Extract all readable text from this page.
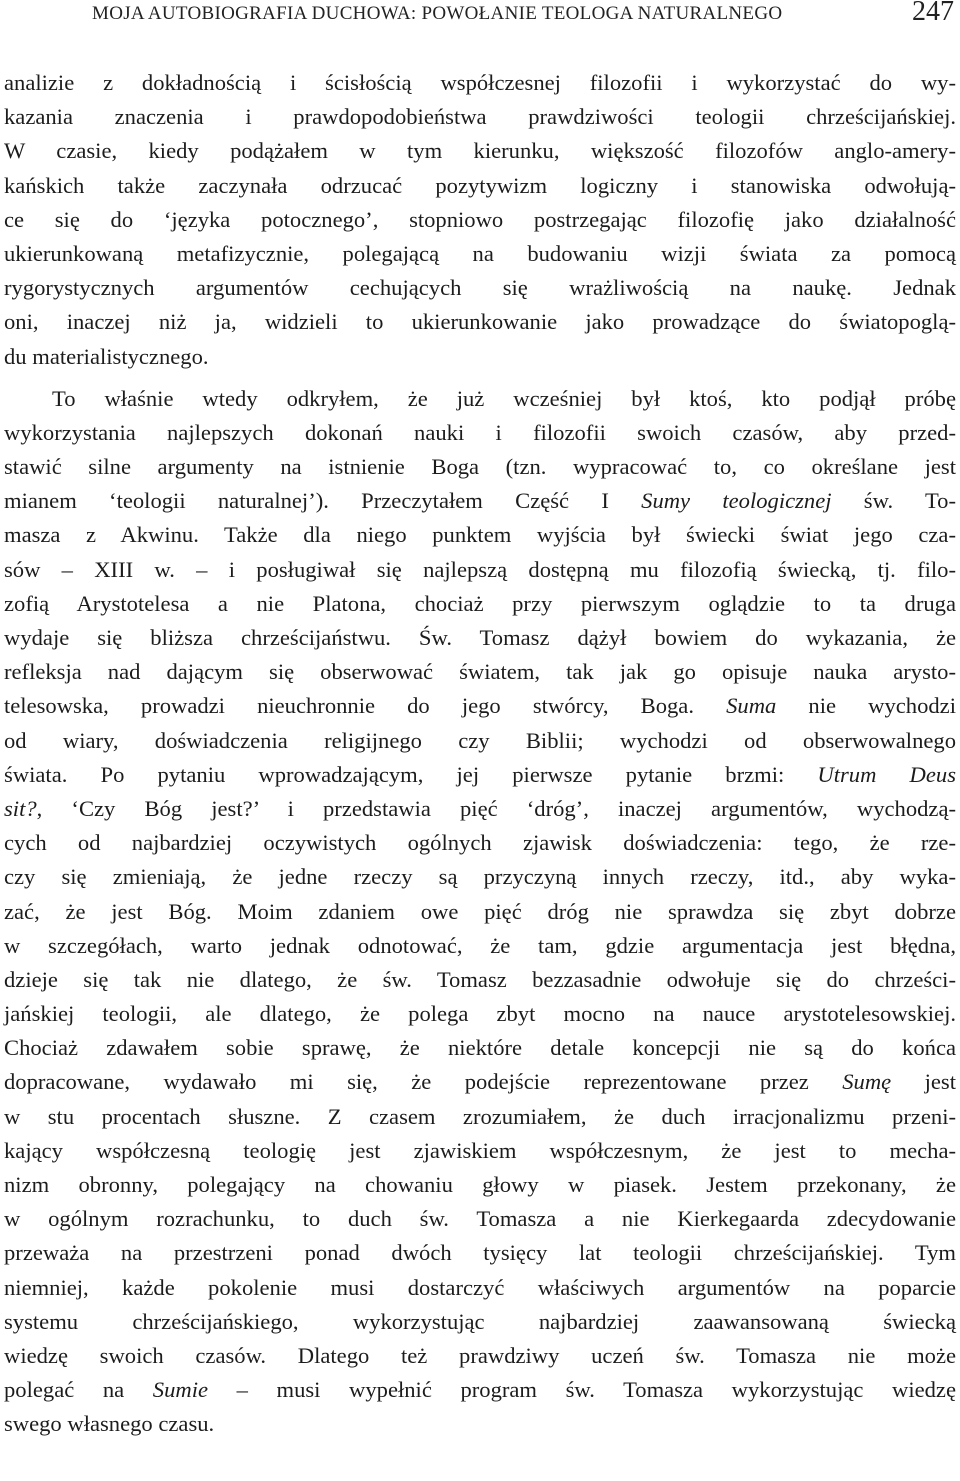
MOJA AUTOBIOGRAFIA DUCHOWA: POWOŁANIE TEOLOGA NATURALNEGO	247
analizie z dokładnością i ścisłością współczesnej filozofii i wykorzystać do wy-
kazania znaczenia i prawdopodobieństwa prawdziwości teologii chrześcijańskiej.
W czasie, kiedy podążałem w tym kierunku, większość filozofów anglo-amery-
kańskich także zaczynała odrzucać pozytywizm logiczny i stanowiska odwołują-
ce się do ‘języka potocznego’, stopniowo postrzegając filozofię jako działalność
ukierunkowaną metafizycznie, polegającą na budowaniu wizji świata za pomocą
rygorystycznych argumentów cechujących się wrażliwością na naukę. Jednak
oni, inaczej niż ja, widzieli to ukierunkowanie jako prowadzące do światopoglą-
du materialistycznego.
To właśnie wtedy odkryłem, że już wcześniej był ktoś, kto podjął próbę
wykorzystania najlepszych dokonań nauki i filozofii swoich czasów, aby przed-
stawić silne argumenty na istnienie Boga (tzn. wypracować to, co określane jest
mianem ‘teologii naturalnej’). Przeczytałem Część I Sumy teologicznej św. To-
masza z Akwinu. Także dla niego punktem wyjścia był świecki świat jego cza-
sów – XIII w. – i posługiwał się najlepszą dostępną mu filozofią świecką, tj. filo-
zofią Arystotelesa a nie Platona, chociaż przy pierwszym oglądzie to ta druga
wydaje się bliższa chrześcijaństwu. Św. Tomasz dążył bowiem do wykazania, że
refleksja nad dającym się obserwować światem, tak jak go opisuje nauka arysto-
telesowska, prowadzi nieuchronnie do jego stwórcy, Boga. Suma nie wychodzi
od wiary, doświadczenia religijnego czy Biblii; wychodzi od obserwowalnego
świata. Po pytaniu wprowadzającym, jej pierwsze pytanie brzmi: Utrum Deus
sit?, ‘Czy Bóg jest?’ i przedstawia pięć ‘dróg’, inaczej argumentów, wychodzą-
cych od najbardziej oczywistych ogólnych zjawisk doświadczenia: tego, że rze-
czy się zmieniają, że jedne rzeczy są przyczyną innych rzeczy, itd., aby wyka-
zać, że jest Bóg. Moim zdaniem owe pięć dróg nie sprawdza się zbyt dobrze
w szczegółach, warto jednak odnotować, że tam, gdzie argumentacja jest błędna,
dzieje się tak nie dlatego, że św. Tomasz bezzasadnie odwołuje się do chrześci-
jańskiej teologii, ale dlatego, że polega zbyt mocno na nauce arystotelesowskiej.
Chociaż zdawałem sobie sprawę, że niektóre detale koncepcji nie są do końca
dopracowane, wydawało mi się, że podejście reprezentowane przez Sumę jest
w stu procentach słuszne. Z czasem zrozumiałem, że duch irracjonalizmu przeni-
kający współczesną teologię jest zjawiskiem współczesnym, że jest to mecha-
nizm obronny, polegający na chowaniu głowy w piasek. Jestem przekonany, że
w ogólnym rozrachunku, to duch św. Tomasza a nie Kierkegaarda zdecydowanie
przeważa na przestrzeni ponad dwóch tysięcy lat teologii chrześcijańskiej. Tym
niemniej, każde pokolenie musi dostarczyć właściwych argumentów na poparcie
systemu chrześcijańskiego, wykorzystując najbardziej zaawansowaną świecką
wiedzę swoich czasów. Dlatego też prawdziwy uczeń św. Tomasza nie może
polegać na Sumie – musi wypełnić program św. Tomasza wykorzystując wiedzę
swego własnego czasu.
